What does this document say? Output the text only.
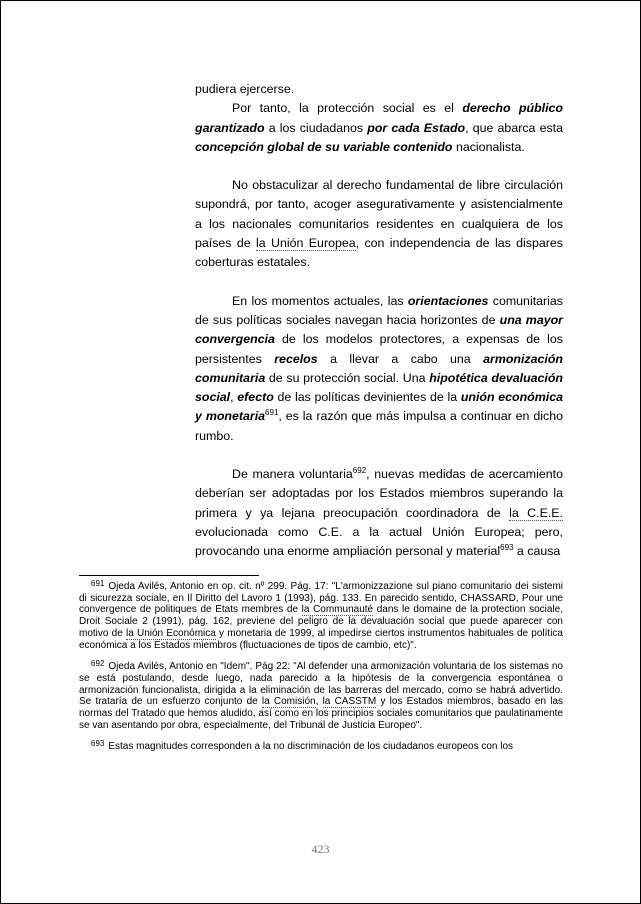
pudiera ejercerse.

Por tanto, la protección social es el derecho público garantizado a los ciudadanos por cada Estado, que abarca esta concepción global de su variable contenido nacionalista.

No obstaculizar al derecho fundamental de libre circulación supondrá, por tanto, acoger asegurativamente y asistencialmente a los nacionales comunitarios residentes en cualquiera de los países de la Unión Europea, con independencia de las dispares coberturas estatales.

En los momentos actuales, las orientaciones comunitarias de sus políticas sociales navegan hacia horizontes de una mayor convergencia de los modelos protectores, a expensas de los persistentes recelos a llevar a cabo una armonización comunitaria de su protección social. Una hipotética devaluación social, efecto de las políticas devinientes de la unión económica y monetaria$^{691}$, es la razón que más impulsa a continuar en dicho rumbo.

De manera voluntaria$^{692}$, nuevas medidas de acercamiento deberían ser adoptadas por los Estados miembros superando la primera y ya lejana preocupación coordinadora de la C.E.E. evolucionada como C.E. a la actual Unión Europea; pero, provocando una enorme ampliación personal y material$^{693}$ a causa

$^{691}$ Ojeda Avilés, Antonio en op. cit. nº 299. Pág. 17: "L'armonizzazione sul piano comunitario dei sistemi di sicurezza sociale, en Il Diritto del Lavoro 1 (1993), pág. 133. En parecido sentido, CHASSARD, Pour une convergence de politiques de Etats membres de la Communauté dans le domaine de la protection sociale, Droit Sociale 2 (1991), pág. 162, previene del peligro de la devaluación social que puede aparecer con motivo de la Unión Económica y monetaria de 1999, al impedirse ciertos instrumentos habituales de política económica a los Estados miembros (fluctuaciones de tipos de cambio, etc)".

$^{692}$ Ojeda Avilés, Antonio en "Idem". Pág 22: "Al defender una armonización voluntaria de los sistemas no se está postulando, desde luego, nada parecido a la hipótesis de la convergencia espontánea o armonización funcionalista, dirigida a la eliminación de las barreras del mercado, como se habrá advertido. Se trataría de un esfuerzo conjunto de la Comisión, la CASSTM y los Estados miembros, basado en las normas del Tratado que hemos aludido, así como en los principios sociales comunitarios que paulatinamente se van asentando por obra, especialmente, del Tribunal de Justicia Europeo".

$^{693}$ Estas magnitudes corresponden a la no discriminación de los ciudadanos europeos con los

423
